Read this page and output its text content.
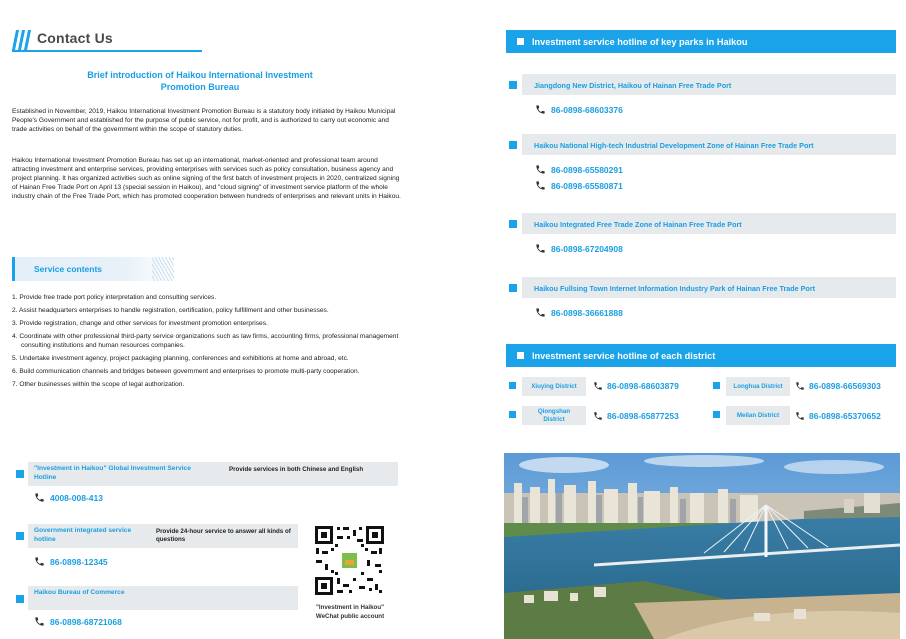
Contact Us
Brief introduction of Haikou International Investment
Promotion Bureau

Established in November, 2019, Haikou International Investment Promotion Bureau is a statutory body initiated by Haikou Municipal People's Government and established for the purpose of public service, not for profit, and is authorized to carry out economic and trade activities on behalf of the government within the scope of statutory duties.

Haikou International Investment Promotion Bureau has set up an international, market-oriented and professional team around attracting investment and enterprise services, providing enterprises with services such as policy consultation, business agency and project planning. It has organized activities such as online signing of the first batch of investment projects in 2020, centralized signing of Hainan Free Trade Port on April 13 (special session in Haikou), and "cloud signing" of investment service platform of the whole industry chain of the Free Trade Port, which has promoted cooperation between hundreds of enterprises and relevant units in Haikou.

Service contents
1. Provide free trade port policy interpretation and consulting services.
2. Assist headquarters enterprises to handle registration, certification, policy fulfillment and other businesses.
3. Provide registration, change and other services for investment promotion enterprises.
4. Coordinate with other professional third-party service organizations such as law firms, accounting firms, professional management consulting institutions and human resources companies.
5. Undertake investment agency, project packaging planning, conferences and exhibitions at home and abroad, etc.
6. Build communication channels and bridges between government and enterprises to promote multi-party cooperation.
7. Other businesses within the scope of legal authorization.
"Investment in Haikou" Global Investment Service Hotline
Provide services in both Chinese and English
4008-008-413
Government integrated service hotline
Provide 24-hour service to answer all kinds of questions
86-0898-12345
Haikou Bureau of Commerce
86-0898-68721068
"Investment in Haikou"
WeChat public account
Investment service hotline of key parks in Haikou
Jiangdong New District, Haikou of Hainan Free Trade Port
86-0898-68603376
Haikou National High-tech Industrial Development Zone of Hainan Free Trade Port
86-0898-65580291
86-0898-65580871
Haikou Integrated Free Trade Zone of Hainan Free Trade Port
86-0898-67204908
Haikou Fullsing Town Internet Information Industry Park of Hainan Free Trade Port
86-0898-36661888
Investment service hotline of each district
Xiuying District	86-0898-68603879	Longhua District	86-0898-66569303
Qiongshan District	86-0898-65877253	Meilan District	86-0898-65370652
